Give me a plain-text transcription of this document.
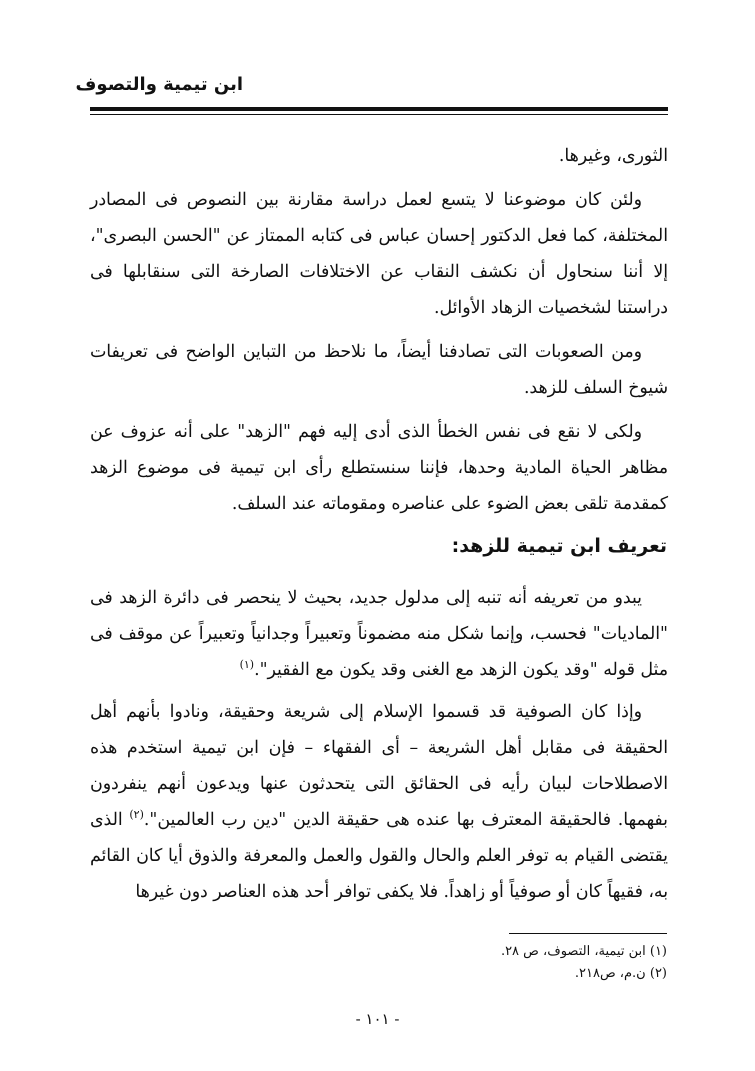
ابن تيمية والتصوف

الثورى، وغيرها.

ولئن كان موضوعنا لا يتسع لعمل دراسة مقارنة بين النصوص فى المصادر المختلفة، كما فعل الدكتور إحسان عباس فى كتابه الممتاز عن "الحسن البصرى"، إلا أننا سنحاول أن نكشف النقاب عن الاختلافات الصارخة التى سنقابلها فى دراستنا لشخصيات الزهاد الأوائل.

ومن الصعوبات التى تصادفنا أيضاً، ما نلاحظ من التباين الواضح فى تعريفات شيوخ السلف للزهد.

ولكى لا نقع فى نفس الخطأ الذى أدى إليه فهم "الزهد" على أنه عزوف عن مظاهر الحياة المادية وحدها، فإننا سنستطلع رأى ابن تيمية فى موضوع الزهد كمقدمة تلقى بعض الضوء على عناصره ومقوماته عند السلف.

تعريف ابن تيمية للزهد:

يبدو من تعريفه أنه تنبه إلى مدلول جديد، بحيث لا ينحصر فى دائرة الزهد فى "الماديات" فحسب، وإنما شكل منه مضموناً وتعبيراً وجدانياً وتعبيراً عن موقف فى مثل قوله "وقد يكون الزهد مع الغنى وقد يكون مع الفقير".$^{(١)}$

وإذا كان الصوفية قد قسموا الإسلام إلى شريعة وحقيقة، ونادوا بأنهم أهل الحقيقة فى مقابل أهل الشريعة – أى الفقهاء – فإن ابن تيمية استخدم هذه الاصطلاحات لبيان رأيه فى الحقائق التى يتحدثون عنها ويدعون أنهم ينفردون بفهمها. فالحقيقة المعترف بها عنده هى حقيقة الدين "دين رب العالمين".$^{(٢)}$ الذى يقتضى القيام به توفر العلم والحال والقول والعمل والمعرفة والذوق أيا كان القائم به، فقيهاً كان أو صوفياً أو زاهداً. فلا يكفى توافر أحد هذه العناصر دون غيرها

(١) ابن تيمية، التصوف، ص ٢٨.
(٢) ن.م، ص٢١٨.
- ١٠١ -
